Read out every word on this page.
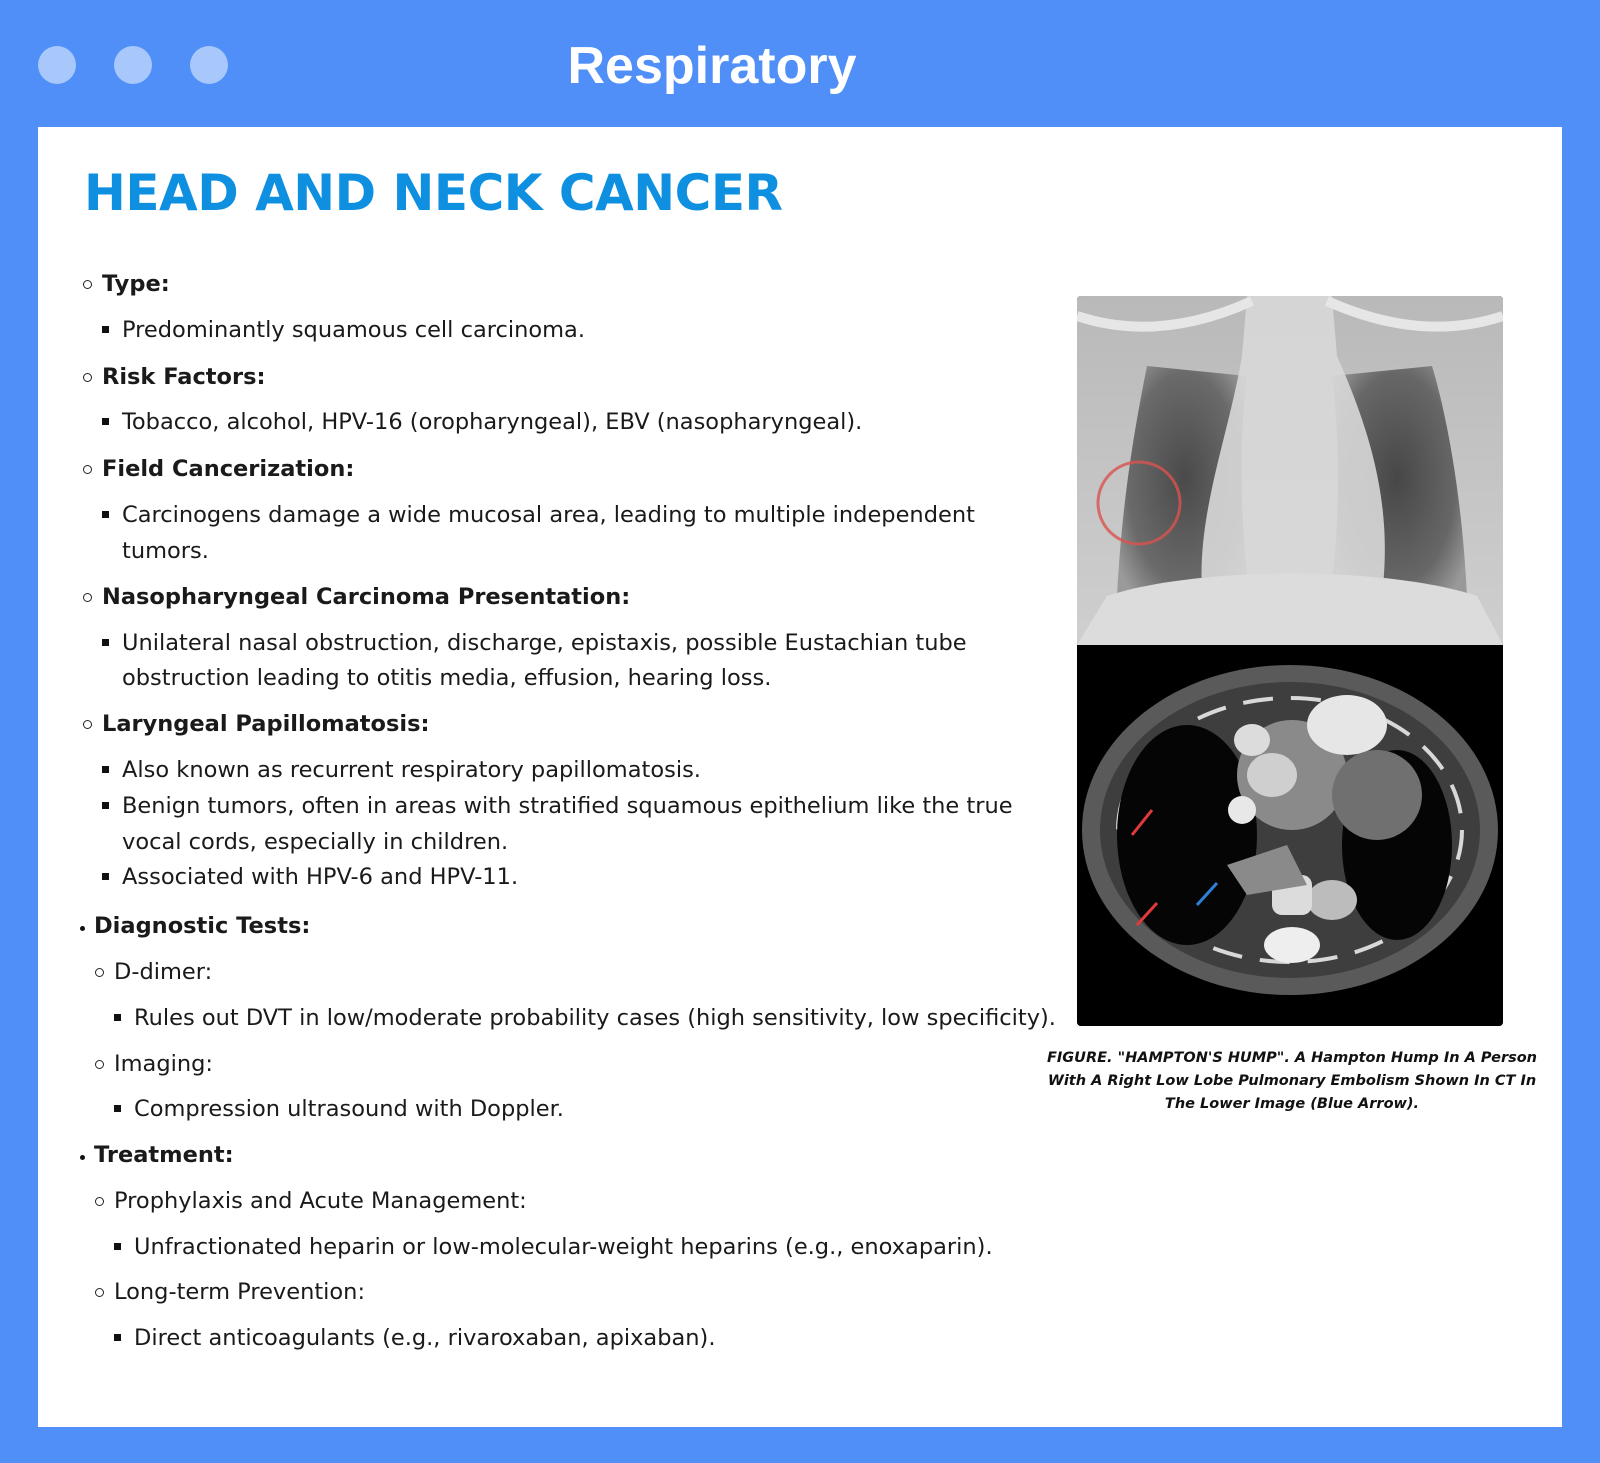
Respiratory
HEAD AND NECK CANCER
Type:
Predominantly squamous cell carcinoma.
Risk Factors:
Tobacco, alcohol, HPV-16 (oropharyngeal), EBV (nasopharyngeal).
Field Cancerization:
Carcinogens damage a wide mucosal area, leading to multiple independent
tumors.
Nasopharyngeal Carcinoma Presentation:
Unilateral nasal obstruction, discharge, epistaxis, possible Eustachian tube
obstruction leading to otitis media, effusion, hearing loss.
Laryngeal Papillomatosis:
Also known as recurrent respiratory papillomatosis.
Benign tumors, often in areas with stratified squamous epithelium like the true
vocal cords, especially in children.
Associated with HPV-6 and HPV-11.
Diagnostic Tests:
D-dimer:
Rules out DVT in low/moderate probability cases (high sensitivity, low specificity).
Imaging:
Compression ultrasound with Doppler.
Treatment:
Prophylaxis and Acute Management:
Unfractionated heparin or low-molecular-weight heparins (e.g., enoxaparin).
Long-term Prevention:
Direct anticoagulants (e.g., rivaroxaban, apixaban).
FIGURE. "HAMPTON'S HUMP". A Hampton Hump In A Person With A Right Low Lobe Pulmonary Embolism Shown In CT In The Lower Image (Blue Arrow).
